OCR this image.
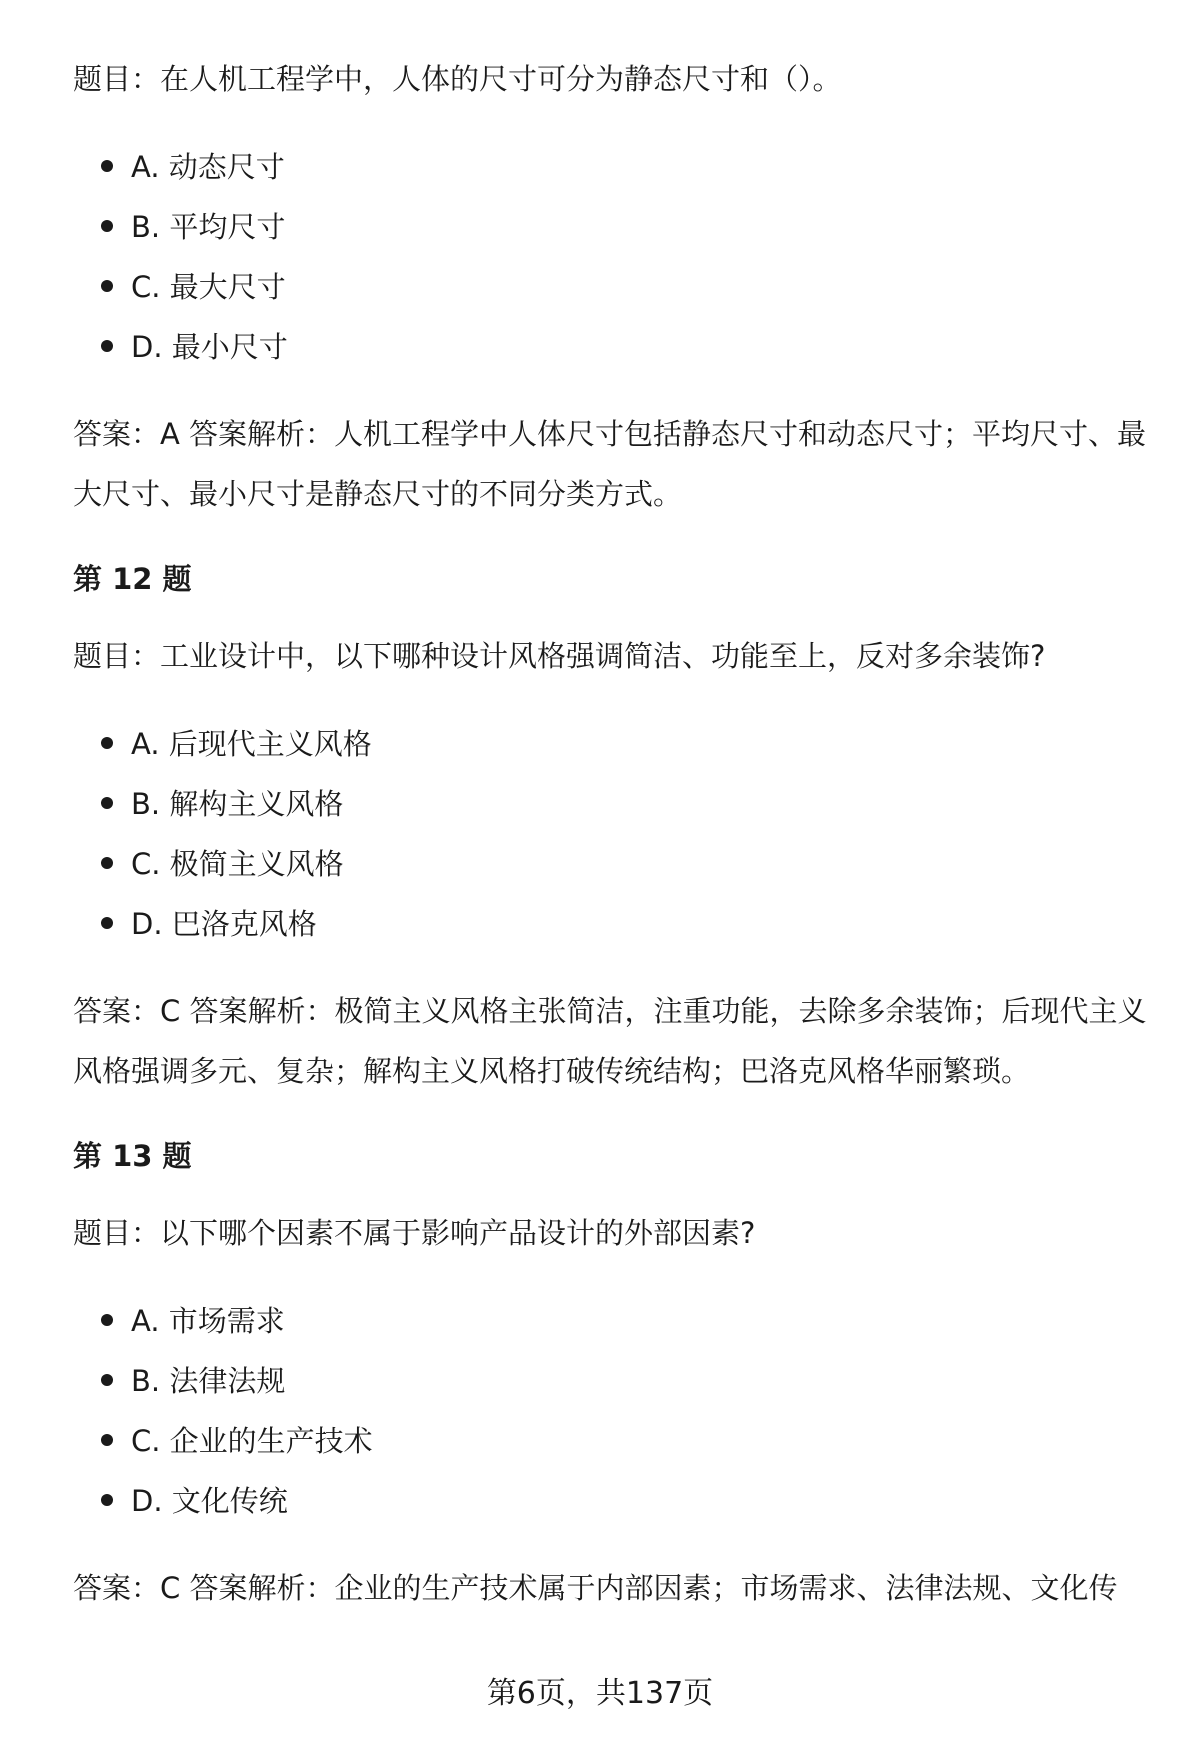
题目：在人机工程学中，人体的尺寸可分为静态尺寸和（）。

A. 动态尺寸
B. 平均尺寸
C. 最大尺寸
D. 最小尺寸

答案：A 答案解析：人机工程学中人体尺寸包括静态尺寸和动态尺寸；平均尺寸、最大尺寸、最小尺寸是静态尺寸的不同分类方式。

第 12 题

题目：工业设计中，以下哪种设计风格强调简洁、功能至上，反对多余装饰?

A. 后现代主义风格
B. 解构主义风格
C. 极简主义风格
D. 巴洛克风格

答案：C 答案解析：极简主义风格主张简洁，注重功能，去除多余装饰；后现代主义风格强调多元、复杂；解构主义风格打破传统结构；巴洛克风格华丽繁琐。

第 13 题

题目：以下哪个因素不属于影响产品设计的外部因素?

A. 市场需求
B. 法律法规
C. 企业的生产技术
D. 文化传统

答案：C 答案解析：企业的生产技术属于内部因素；市场需求、法律法规、文化传

第6页，共137页
